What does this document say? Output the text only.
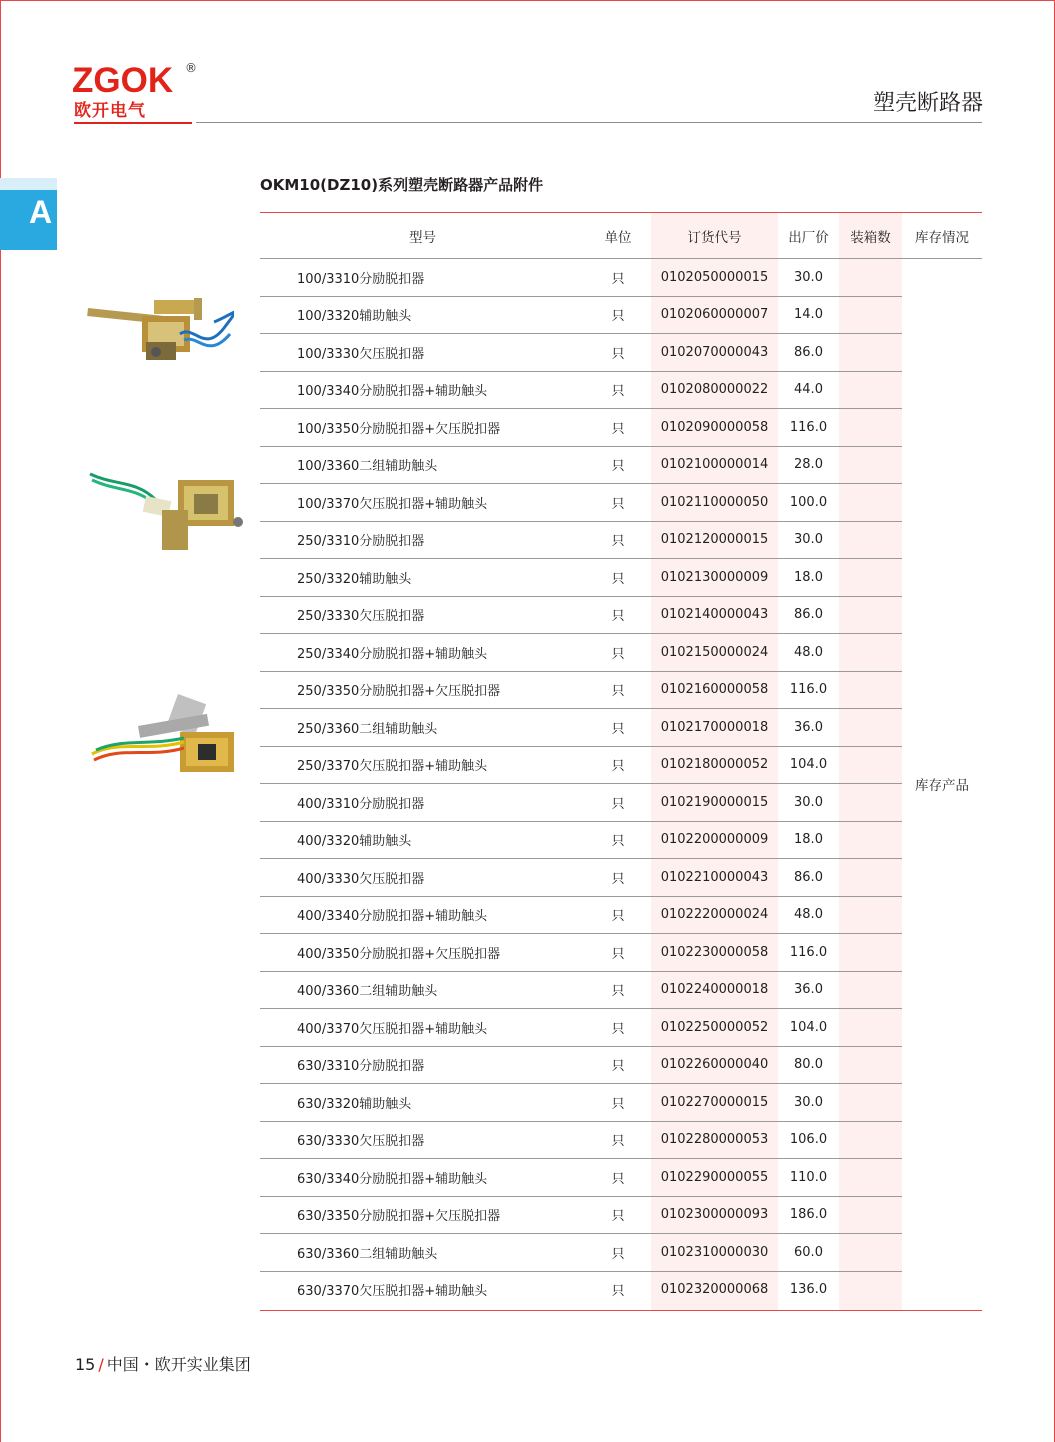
ZGOK ®
欧开电气	塑壳断路器
A
OKM10(DZ10)系列塑壳断路器产品附件
型号	单位	订货代号	出厂价	装箱数	库存情况
100/3310分励脱扣器	只	0102050000015	30.0		库存产品
100/3320辅助触头	只	0102060000007	14.0		
100/3330欠压脱扣器	只	0102070000043	86.0		
100/3340分励脱扣器+辅助触头	只	0102080000022	44.0		
100/3350分励脱扣器+欠压脱扣器	只	0102090000058	116.0		
100/3360二组辅助触头	只	0102100000014	28.0		
100/3370欠压脱扣器+辅助触头	只	0102110000050	100.0		
250/3310分励脱扣器	只	0102120000015	30.0		
250/3320辅助触头	只	0102130000009	18.0		
250/3330欠压脱扣器	只	0102140000043	86.0		
250/3340分励脱扣器+辅助触头	只	0102150000024	48.0		
250/3350分励脱扣器+欠压脱扣器	只	0102160000058	116.0		
250/3360二组辅助触头	只	0102170000018	36.0		
250/3370欠压脱扣器+辅助触头	只	0102180000052	104.0		
400/3310分励脱扣器	只	0102190000015	30.0		
400/3320辅助触头	只	0102200000009	18.0		
400/3330欠压脱扣器	只	0102210000043	86.0		
400/3340分励脱扣器+辅助触头	只	0102220000024	48.0		
400/3350分励脱扣器+欠压脱扣器	只	0102230000058	116.0		
400/3360二组辅助触头	只	0102240000018	36.0		
400/3370欠压脱扣器+辅助触头	只	0102250000052	104.0		
630/3310分励脱扣器	只	0102260000040	80.0		
630/3320辅助触头	只	0102270000015	30.0		
630/3330欠压脱扣器	只	0102280000053	106.0		
630/3340分励脱扣器+辅助触头	只	0102290000055	110.0		
630/3350分励脱扣器+欠压脱扣器	只	0102300000093	186.0		
630/3360二组辅助触头	只	0102310000030	60.0		
630/3370欠压脱扣器+辅助触头	只	0102320000068	136.0		
15 / 中国・欧开实业集团
